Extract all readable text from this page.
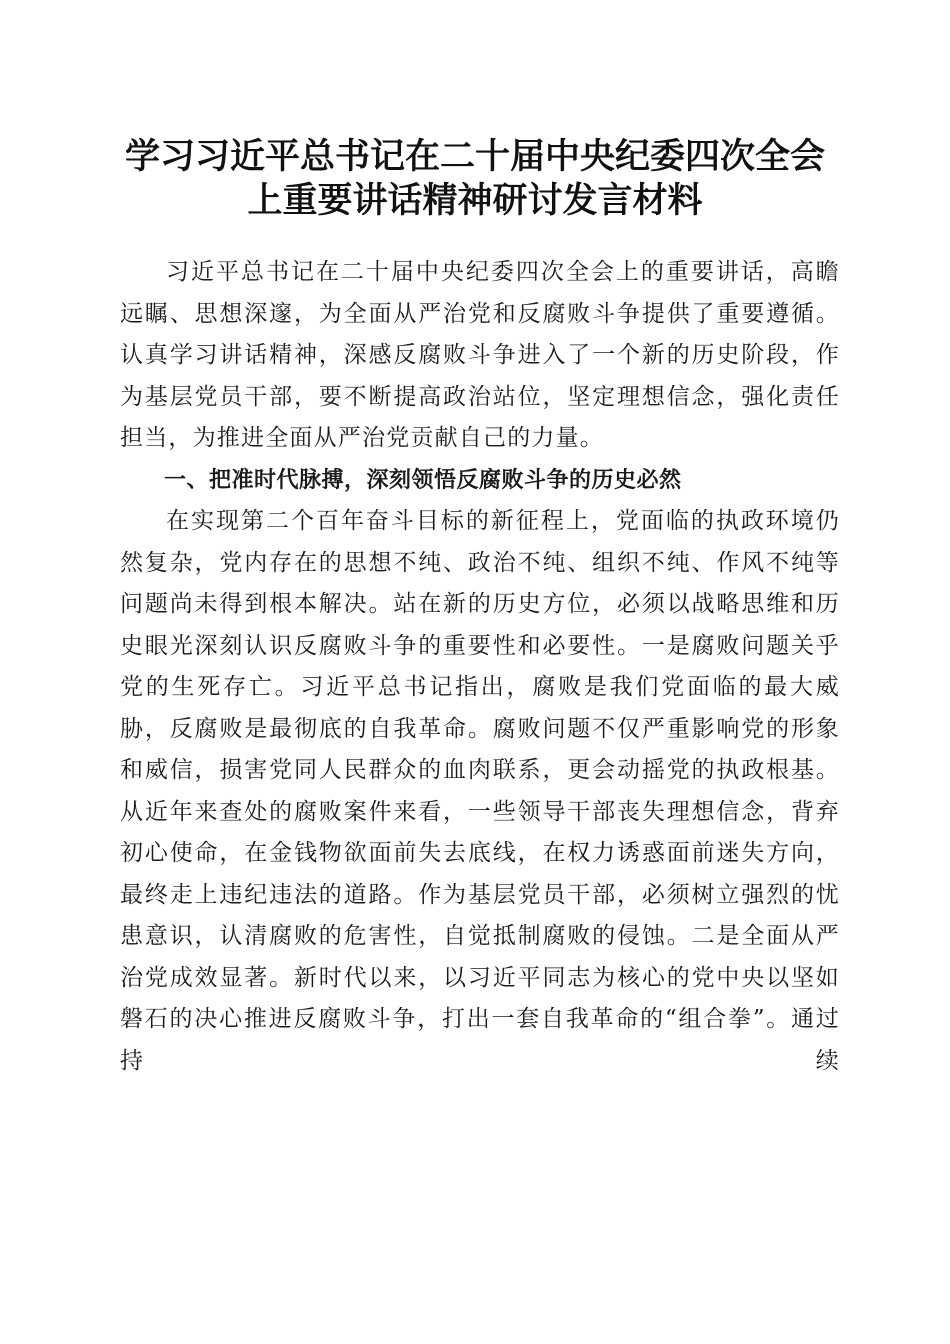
学习习近平总书记在二十届中央纪委四次全会
上重要讲话精神研讨发言材料

习近平总书记在二十届中央纪委四次全会上的重要讲话，高瞻远瞩、思想深邃，为全面从严治党和反腐败斗争提供了重要遵循。认真学习讲话精神，深感反腐败斗争进入了一个新的历史阶段，作为基层党员干部，要不断提高政治站位，坚定理想信念，强化责任担当，为推进全面从严治党贡献自己的力量。

一、把准时代脉搏，深刻领悟反腐败斗争的历史必然

在实现第二个百年奋斗目标的新征程上，党面临的执政环境仍然复杂，党内存在的思想不纯、政治不纯、组织不纯、作风不纯等问题尚未得到根本解决。站在新的历史方位，必须以战略思维和历史眼光深刻认识反腐败斗争的重要性和必要性。一是腐败问题关乎党的生死存亡。习近平总书记指出，腐败是我们党面临的最大威胁，反腐败是最彻底的自我革命。腐败问题不仅严重影响党的形象和威信，损害党同人民群众的血肉联系，更会动摇党的执政根基。从近年来查处的腐败案件来看，一些领导干部丧失理想信念，背弃初心使命，在金钱物欲面前失去底线，在权力诱惑面前迷失方向，最终走上违纪违法的道路。作为基层党员干部，必须树立强烈的忧患意识，认清腐败的危害性，自觉抵制腐败的侵蚀。二是全面从严治党成效显著。新时代以来，以习近平同志为核心的党中央以坚如磐石的决心推进反腐败斗争，打出一套自我革命的“组合拳”。通过持续
